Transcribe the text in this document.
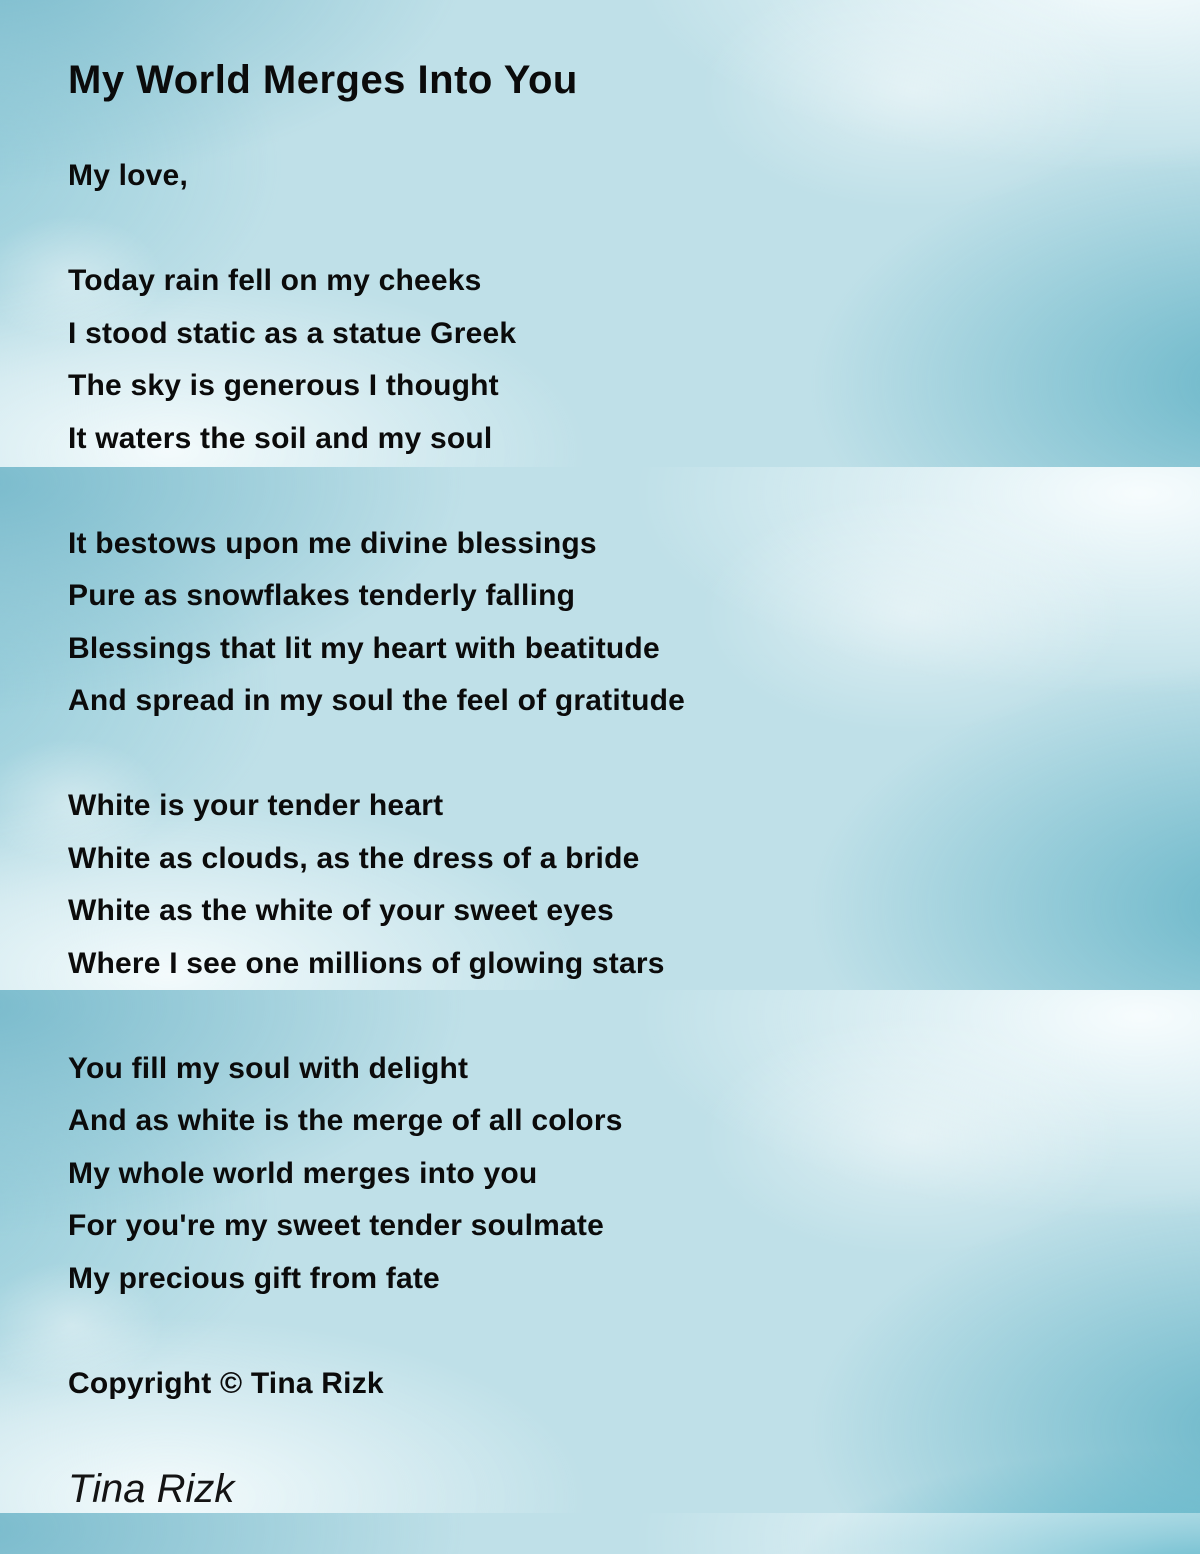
My World Merges Into You

My love,

Today rain fell on my cheeks

I stood static as a statue Greek

The sky is generous I thought

It waters the soil and my soul

It bestows upon me divine blessings

Pure as snowflakes tenderly falling

Blessings that lit my heart with beatitude

And spread in my soul the feel of gratitude

White is your tender heart

White as clouds, as the dress of a bride

White as the white of your sweet eyes

Where I see one millions of glowing stars

You fill my soul with delight

And as white is the merge of all colors

My whole world merges into you

For you're my sweet tender soulmate

My precious gift from fate

Copyright © Tina Rizk

Tina Rizk
